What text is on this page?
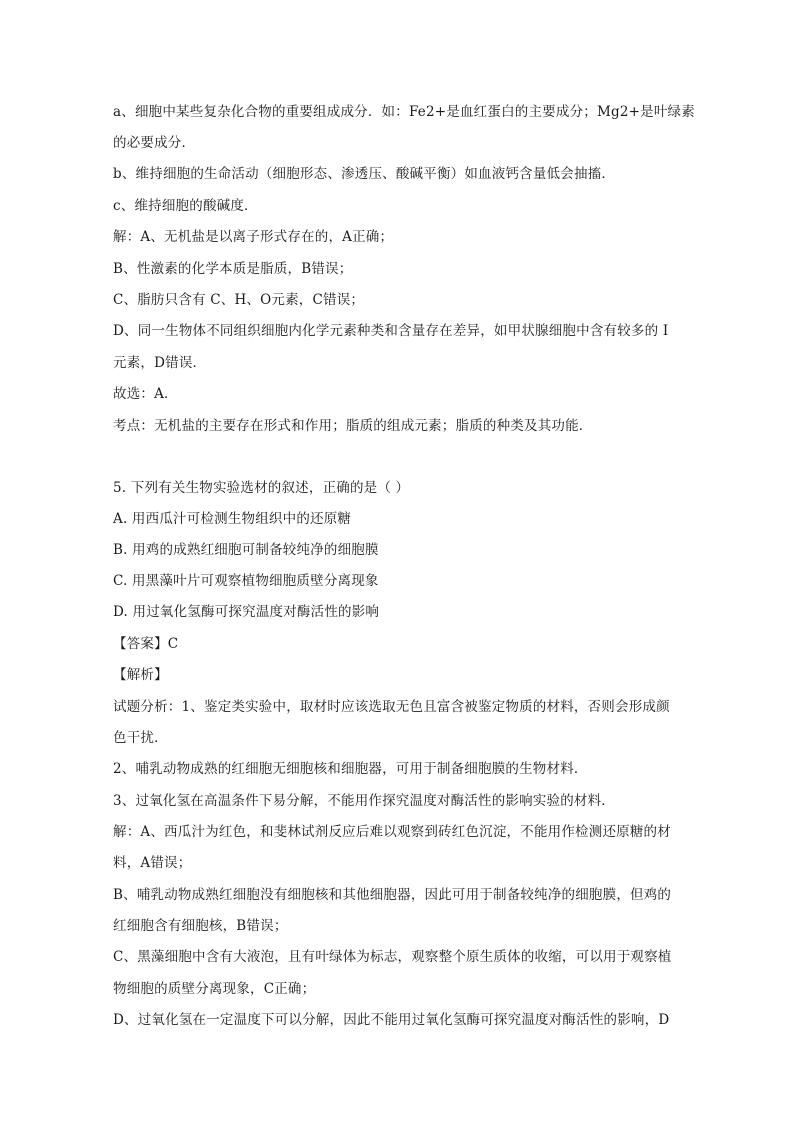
a、细胞中某些复杂化合物的重要组成成分．如：Fe2+是血红蛋白的主要成分；Mg2+是叶绿素
的必要成分．
b、维持细胞的生命活动（细胞形态、渗透压、酸碱平衡）如血液钙含量低会抽搐．
c、维持细胞的酸碱度．
解：A、无机盐是以离子形式存在的，A正确；
B、性激素的化学本质是脂质，B错误；
C、脂肪只含有 C、H、O元素，C错误；
D、同一生物体不同组织细胞内化学元素种类和含量存在差异，如甲状腺细胞中含有较多的 I
元素，D错误．
故选：A．
考点：无机盐的主要存在形式和作用；脂质的组成元素；脂质的种类及其功能．
5. 下列有关生物实验选材的叙述，正确的是（ ）
A. 用西瓜汁可检测生物组织中的还原糖
B. 用鸡的成熟红细胞可制备较纯净的细胞膜
C. 用黑藻叶片可观察植物细胞质壁分离现象
D. 用过氧化氢酶可探究温度对酶活性的影响
【答案】C
【解析】
试题分析：1、鉴定类实验中，取材时应该选取无色且富含被鉴定物质的材料，否则会形成颜
色干扰．
2、哺乳动物成熟的红细胞无细胞核和细胞器，可用于制备细胞膜的生物材料．
3、过氧化氢在高温条件下易分解，不能用作探究温度对酶活性的影响实验的材料．
解：A、西瓜汁为红色，和斐林试剂反应后难以观察到砖红色沉淀，不能用作检测还原糖的材
料，A错误；
B、哺乳动物成熟红细胞没有细胞核和其他细胞器，因此可用于制备较纯净的细胞膜，但鸡的
红细胞含有细胞核，B错误；
C、黑藻细胞中含有大液泡，且有叶绿体为标志，观察整个原生质体的收缩，可以用于观察植
物细胞的质壁分离现象，C正确；
D、过氧化氢在一定温度下可以分解，因此不能用过氧化氢酶可探究温度对酶活性的影响，D
